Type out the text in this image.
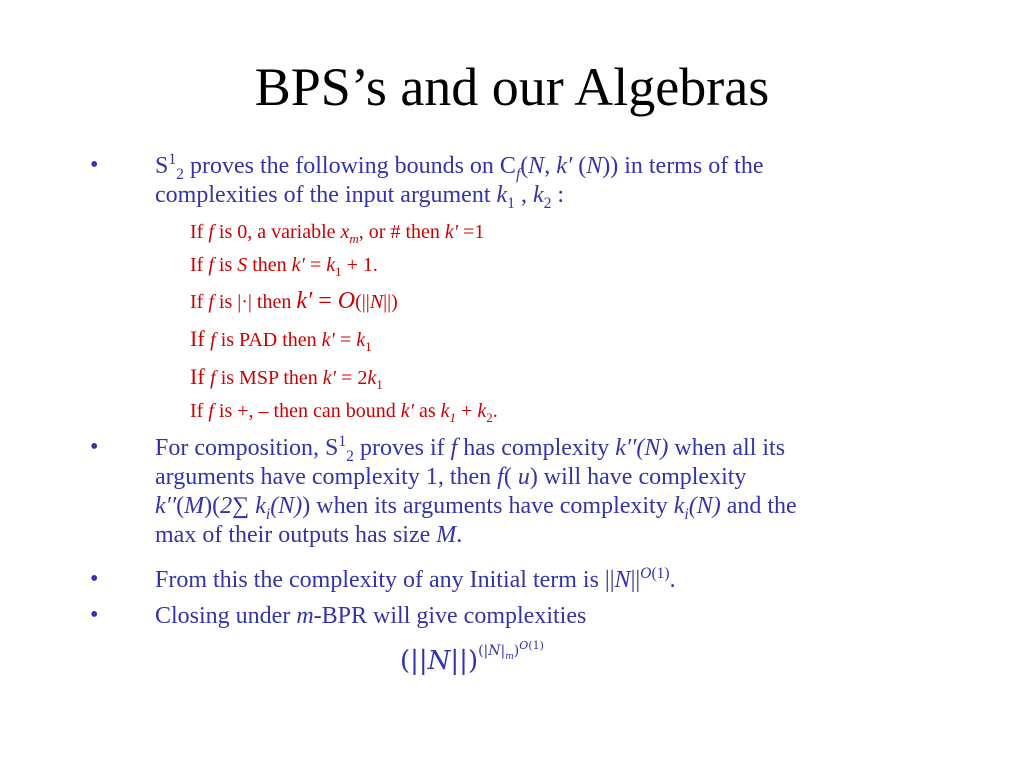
BPS’s and our Algebras
• $S^1_2$ proves the following bounds on $C_f(N$, k′ (N)) in terms of the
complexities of the input argument $k_1$ , $k_2$ :
If f is 0, a variable $x_m$, or # then k′ =1
If f is S then $k' = k_1 + 1$.
If f is |·| then k′ = O(||N||)
If f is PAD then $k' = k_1$
If f is MSP then $k' = 2k_1$
If f is +, – then can bound k′ as $k_1 + k_2$.
• For composition, $S^1_2$ proves if f has complexity k′′(N) when all its
arguments have complexity 1, then f( u) will have complexity
k′′(M)(2∑ $k_i(N)$) when its arguments have complexity $k_i(N)$ and the
max of their outputs has size M.
• From this the complexity of any Initial term is $||N||^{O(1)}$.
• Closing under m-BPR will give complexities
$(||N||)^{(|N|_m)^{O(1)}}$
